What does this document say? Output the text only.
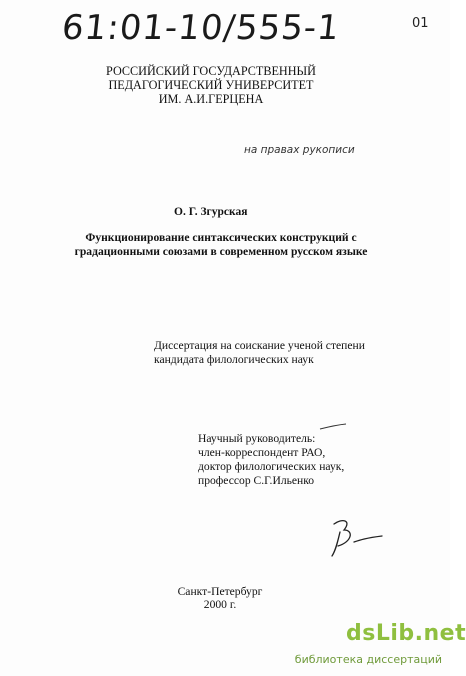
61:01-10/555-1	01
РОССИЙСКИЙ ГОСУДАРСТВЕННЫЙ
ПЕДАГОГИЧЕСКИЙ УНИВЕРСИТЕТ
ИМ. А.И.ГЕРЦЕНА
на правах рукописи
О. Г. Згурская
Функционирование синтаксических конструкций с
градационными союзами в современном русском языке
Диссертация на соискание ученой степени
кандидата филологических наук
Научный руководитель:
член-корреспондент РАО,
доктор филологических наук,
профессор С.Г.Ильенко
Санкт-Петербург
2000 г.
dsLib.net
библиотека диссертаций
